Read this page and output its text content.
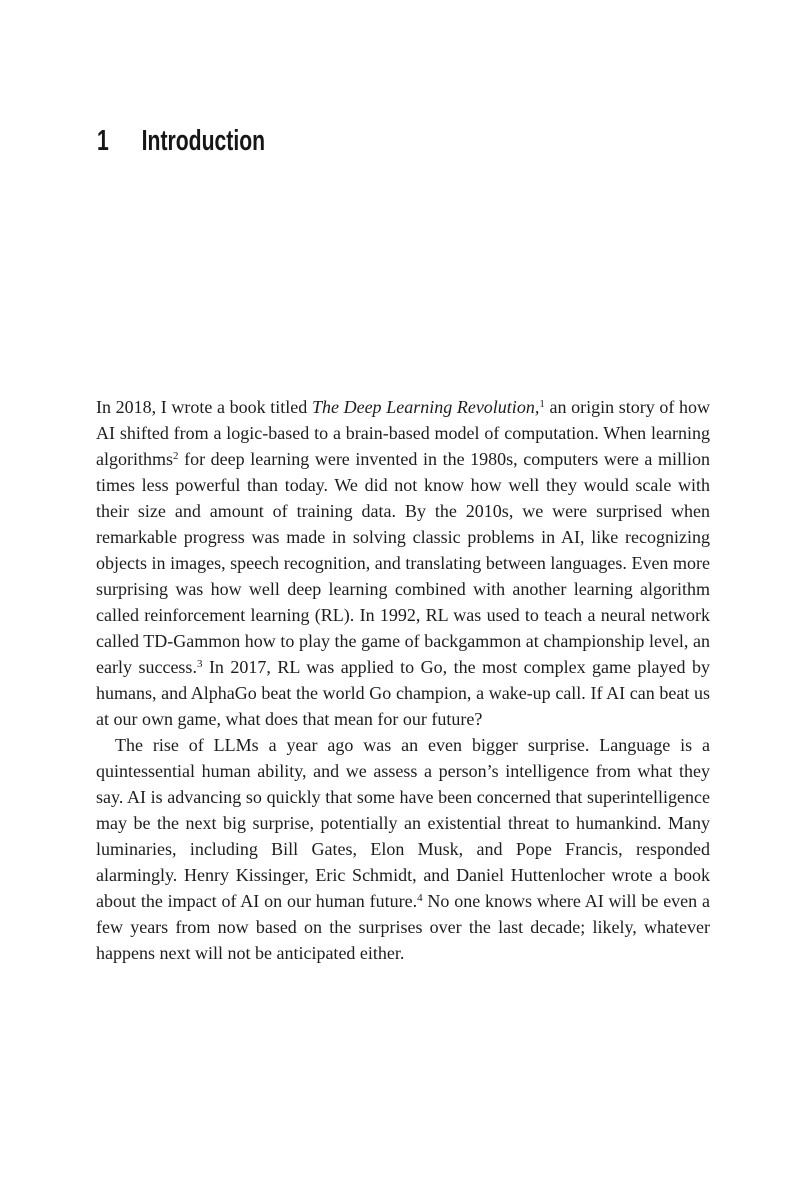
1 Introduction

In 2018, I wrote a book titled The Deep Learning Revolution,$^1$ an origin story of how AI shifted from a logic-based to a brain-based model of computation. When learning algorithms$^2$ for deep learning were invented in the 1980s, computers were a million times less powerful than today. We did not know how well they would scale with their size and amount of training data. By the 2010s, we were surprised when remarkable progress was made in solving classic problems in AI, like recognizing objects in images, speech recognition, and translating between languages. Even more surprising was how well deep learning combined with another learning algorithm called reinforcement learning (RL). In 1992, RL was used to teach a neural network called TD-Gammon how to play the game of backgammon at championship level, an early success.$^3$ In 2017, RL was applied to Go, the most complex game played by humans, and AlphaGo beat the world Go champion, a wake-up call. If AI can beat us at our own game, what does that mean for our future?

The rise of LLMs a year ago was an even bigger surprise. Language is a quintessential human ability, and we assess a person’s intelligence from what they say. AI is advancing so quickly that some have been concerned that superintelligence may be the next big surprise, potentially an existential threat to humankind. Many luminaries, including Bill Gates, Elon Musk, and Pope Francis, responded alarmingly. Henry Kissinger, Eric Schmidt, and Daniel Huttenlocher wrote a book about the impact of AI on our human future.$^4$ No one knows where AI will be even a few years from now based on the surprises over the last decade; likely, whatever happens next will not be anticipated either.
